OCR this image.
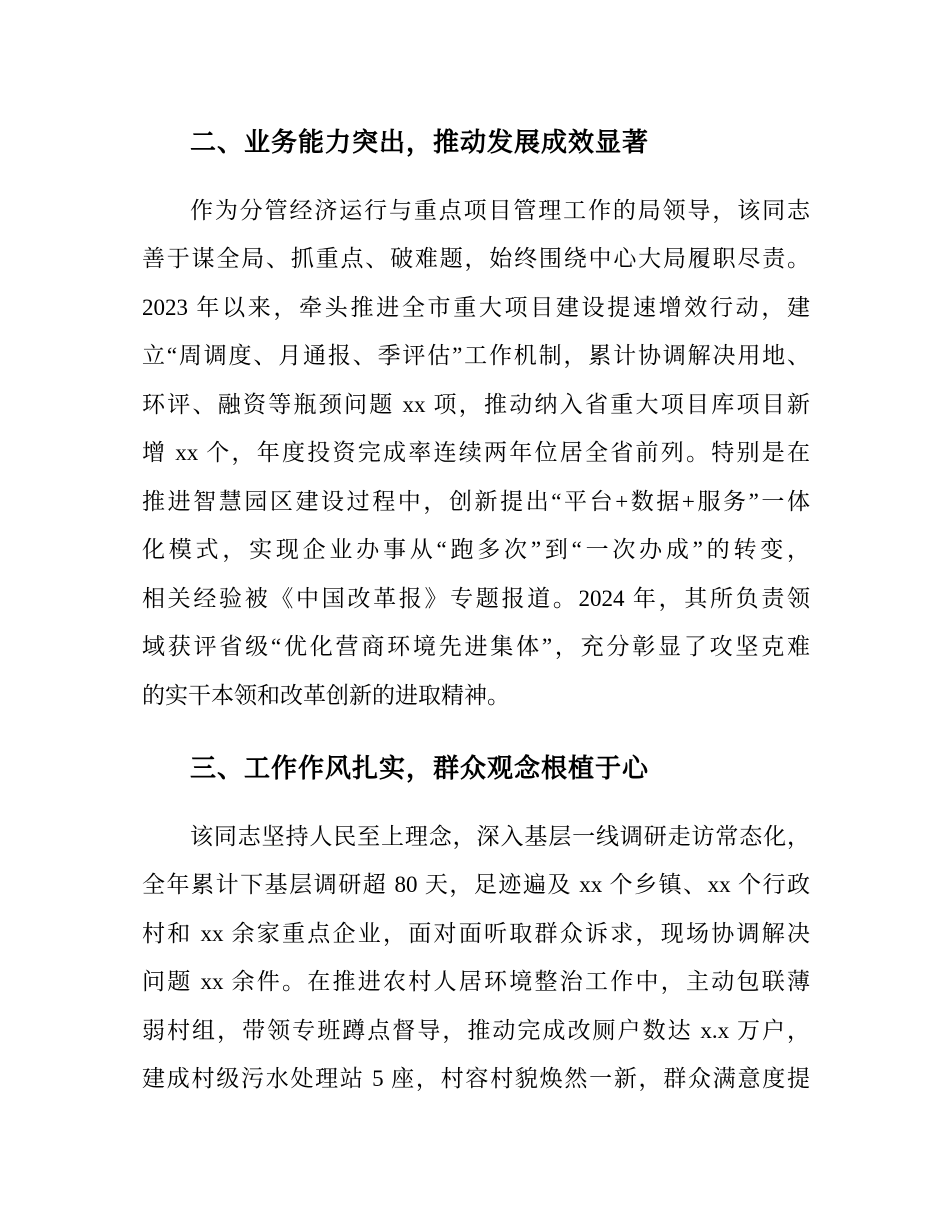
二、业务能力突出，推动发展成效显著
作为分管经济运行与重点项目管理工作的局领导，该同志
善于谋全局、抓重点、破难题，始终围绕中心大局履职尽责。
2023 年以来，牵头推进全市重大项目建设提速增效行动，建
立“周调度、月通报、季评估”工作机制，累计协调解决用地、
环评、融资等瓶颈问题 xx 项，推动纳入省重大项目库项目新
增 xx 个，年度投资完成率连续两年位居全省前列。特别是在
推进智慧园区建设过程中，创新提出“平台+数据+服务”一体
化模式，实现企业办事从“跑多次”到“一次办成”的转变，
相关经验被《中国改革报》专题报道。2024 年，其所负责领
域获评省级“优化营商环境先进集体”，充分彰显了攻坚克难
的实干本领和改革创新的进取精神。
三、工作作风扎实，群众观念根植于心
该同志坚持人民至上理念，深入基层一线调研走访常态化，
全年累计下基层调研超 80 天，足迹遍及 xx 个乡镇、xx 个行政
村和 xx 余家重点企业，面对面听取群众诉求，现场协调解决
问题 xx 余件。在推进农村人居环境整治工作中，主动包联薄
弱村组，带领专班蹲点督导，推动完成改厕户数达 x.x 万户，
建成村级污水处理站 5 座，村容村貌焕然一新，群众满意度提
